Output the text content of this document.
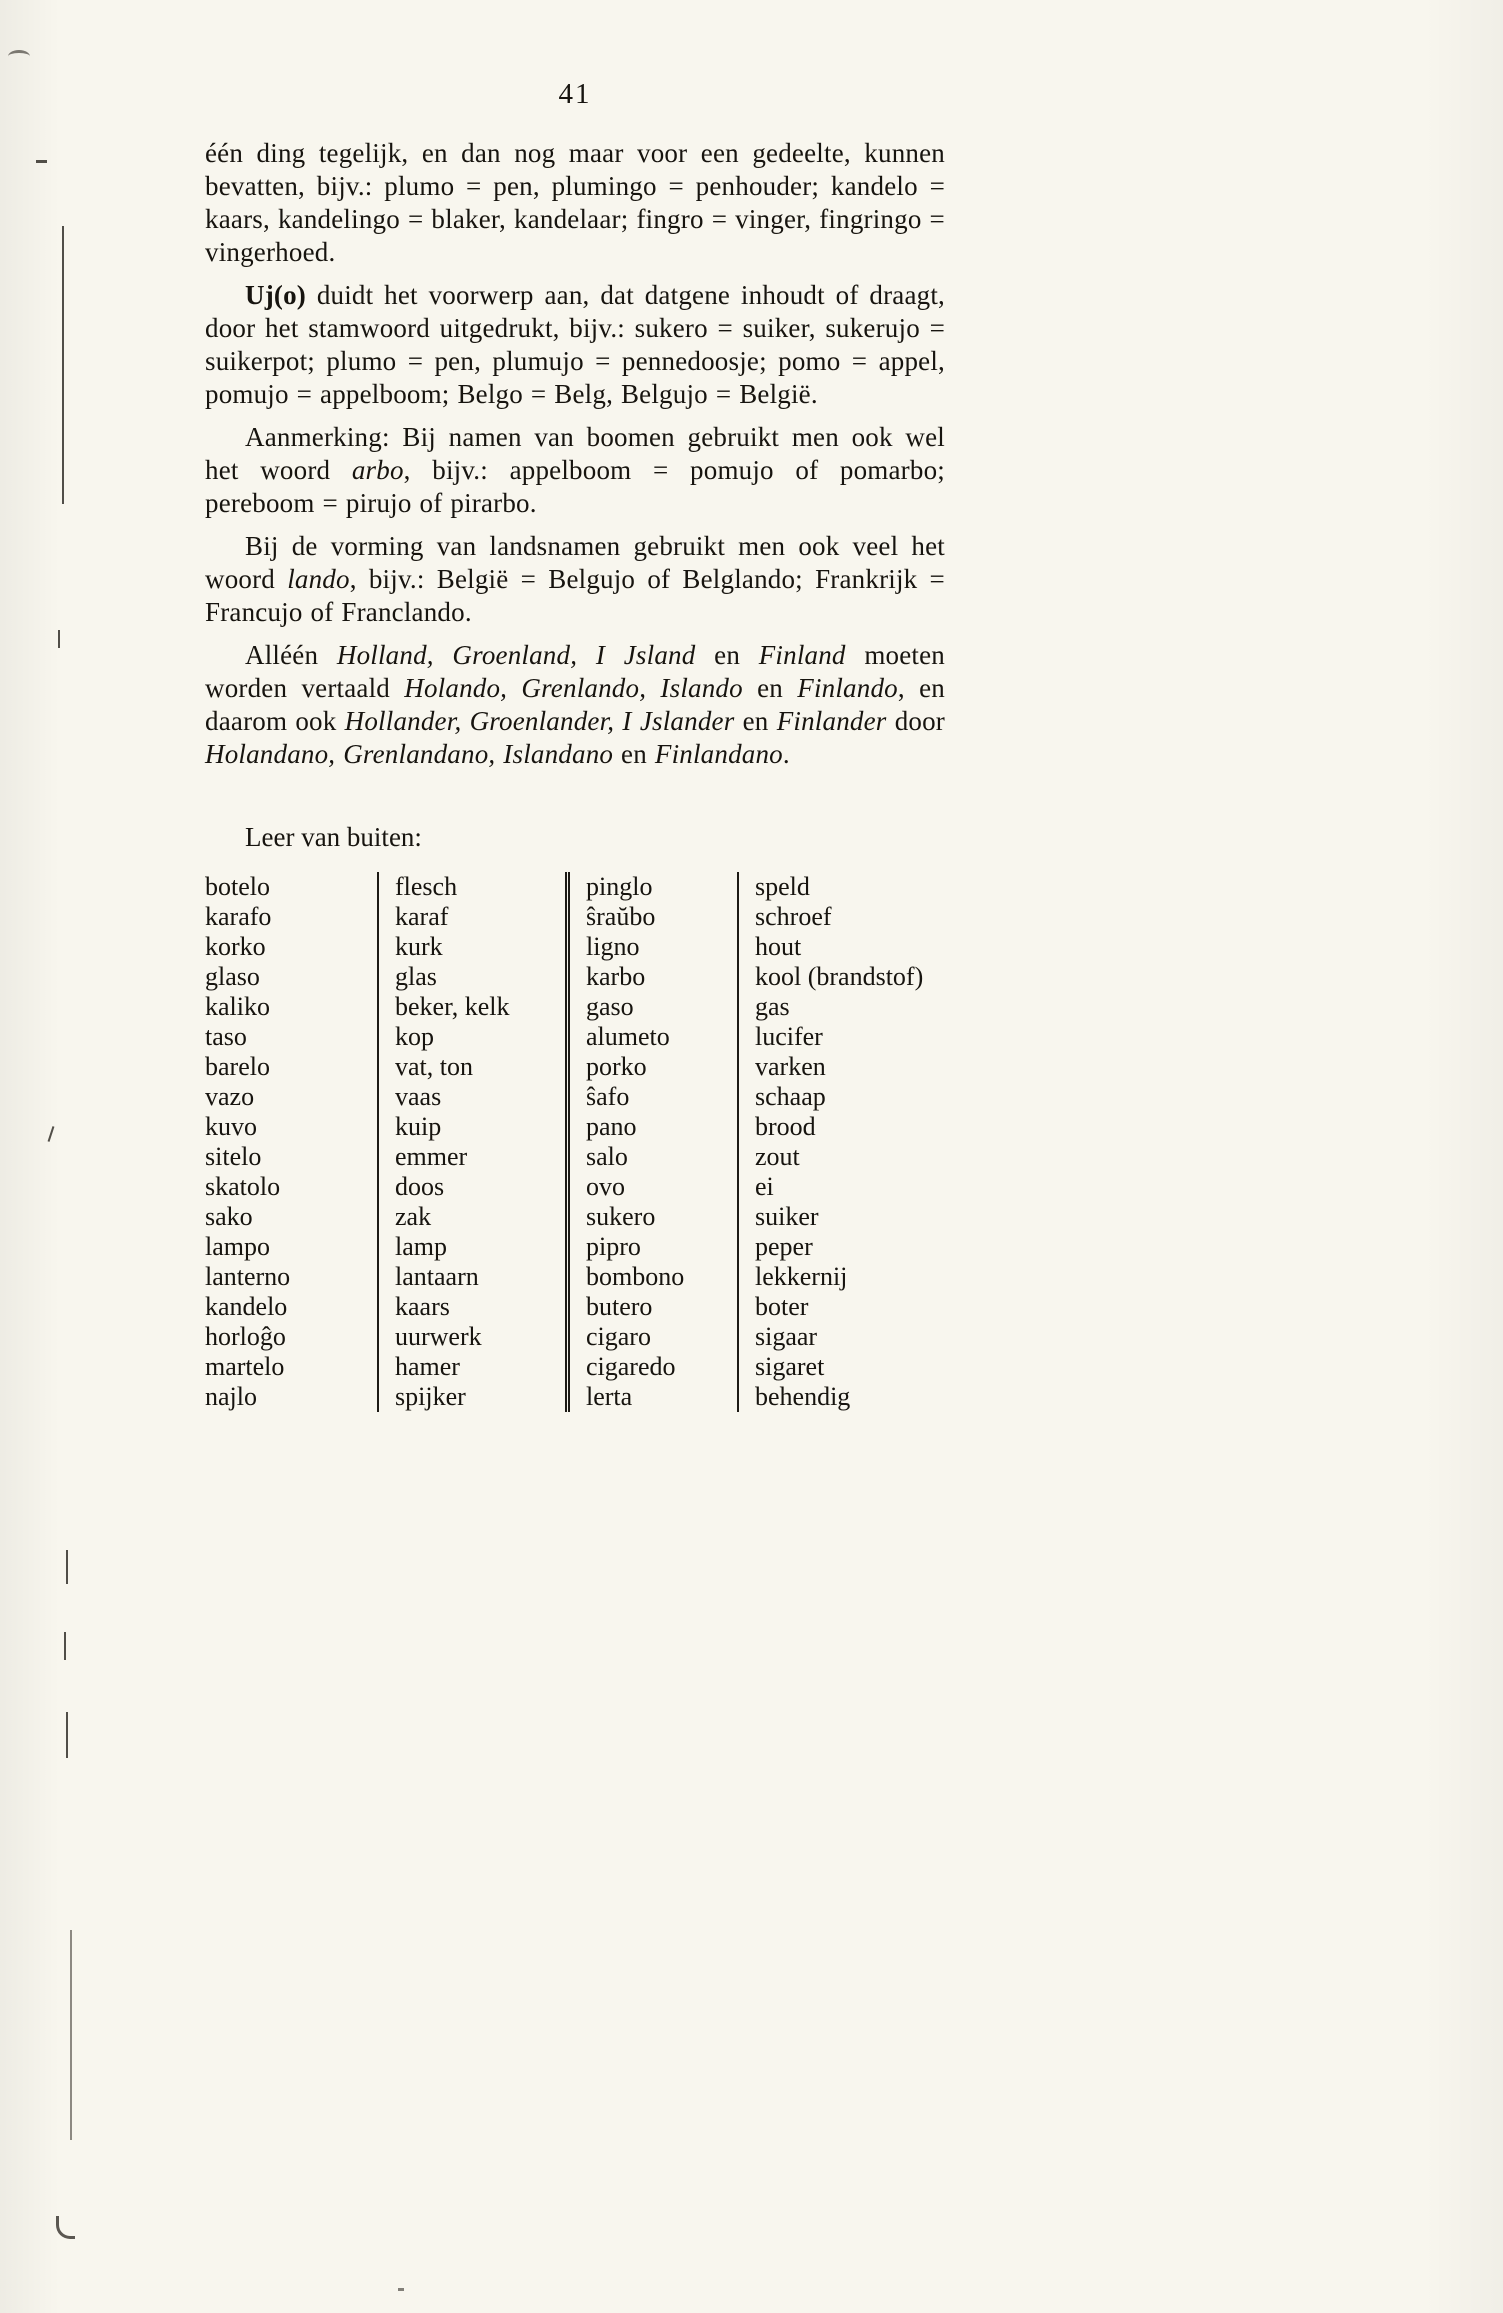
41

één ding tegelijk, en dan nog maar voor een gedeelte, kunnen bevatten, bijv.: plumo = pen, plumingo = penhouder; kandelo = kaars, kandelingo = blaker, kandelaar; fingro = vinger, fingringo = vingerhoed.

Uj(o) duidt het voorwerp aan, dat datgene inhoudt of draagt, door het stamwoord uitgedrukt, bijv.: sukero = suiker, sukerujo = suikerpot; plumo = pen, plumujo = pennedoosje; pomo = appel, pomujo = appelboom; Belgo = Belg, Belgujo = België.

Aanmerking: Bij namen van boomen gebruikt men ook wel het woord arbo, bijv.: appelboom = pomujo of pomarbo; pereboom = pirujo of pirarbo.

Bij de vorming van landsnamen gebruikt men ook veel het woord lando, bijv.: België = Belgujo of Belglando; Frankrijk = Francujo of Franclando.

Alléén Holland, Groenland, I Jsland en Finland moeten worden vertaald Holando, Grenlando, Islando en Finlando, en daarom ook Hollander, Groenlander, I Jslander en Finlander door Holandano, Grenlandano, Islandano en Finlandano.

Leer van buiten:
botelo	flesch	pinglo	speld
karafo	karaf	ŝraŭbo	schroef
korko	kurk	ligno	hout
glaso	glas	karbo	kool (brandstof)
kaliko	beker, kelk	gaso	gas
taso	kop	alumeto	lucifer
barelo	vat, ton	porko	varken
vazo	vaas	ŝafo	schaap
kuvo	kuip	pano	brood
sitelo	emmer	salo	zout
skatolo	doos	ovo	ei
sako	zak	sukero	suiker
lampo	lamp	pipro	peper
lanterno	lantaarn	bombono	lekkernij
kandelo	kaars	butero	boter
horloĝo	uurwerk	cigaro	sigaar
martelo	hamer	cigaredo	sigaret
najlo	spijker	lerta	behendig
